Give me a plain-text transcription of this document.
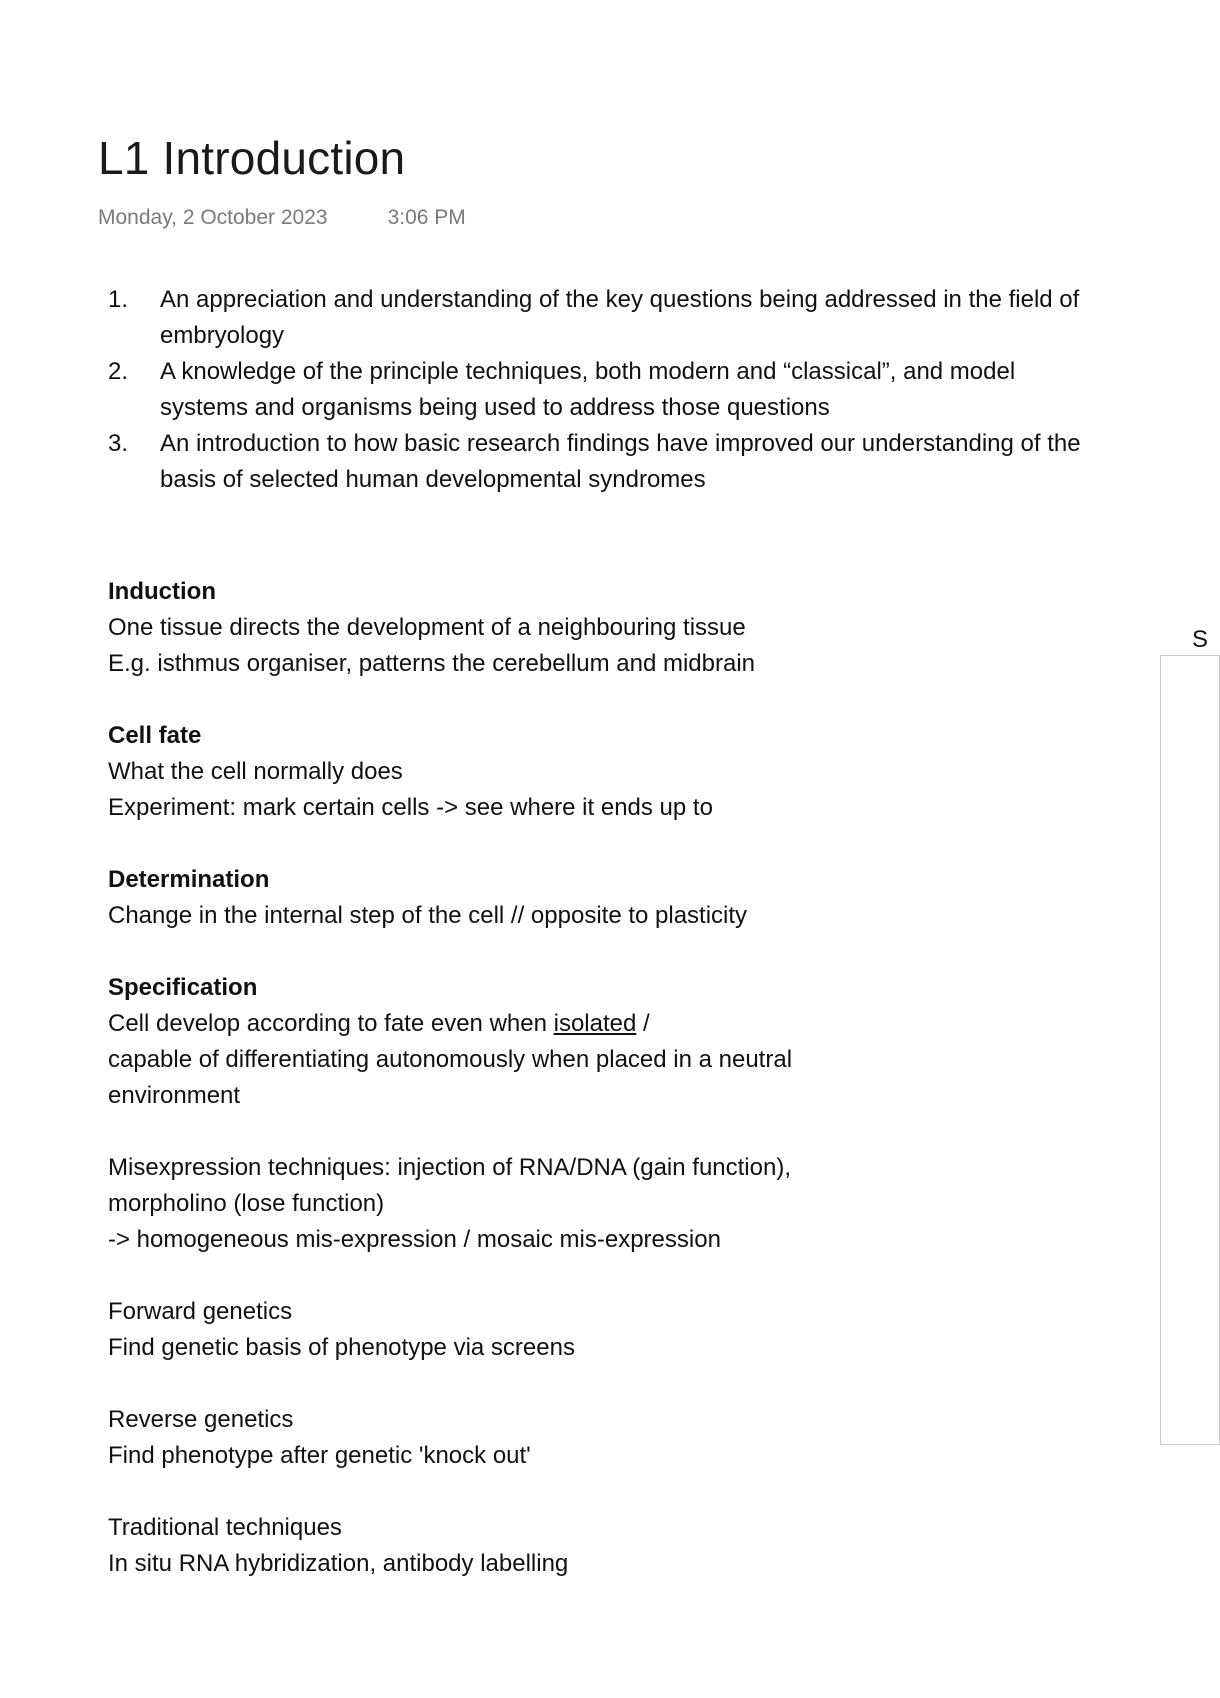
L1 Introduction
Monday, 2 October 2023	3:06 PM
1. An appreciation and understanding of the key questions being addressed in the field of embryology
2. A knowledge of the principle techniques, both modern and “classical”, and model systems and organisms being used to address those questions
3. An introduction to how basic research findings have improved our understanding of the basis of selected human developmental syndromes

Induction

One tissue directs the development of a neighbouring tissue

E.g. isthmus organiser, patterns the cerebellum and midbrain

Cell fate

What the cell normally does

Experiment: mark certain cells -> see where it ends up to

Determination

Change in the internal step of the cell // opposite to plasticity

Specification

Cell develop according to fate even when isolated /

capable of differentiating autonomously when placed in a neutral

environment

Misexpression techniques: injection of RNA/DNA (gain function),

morpholino (lose function)

-> homogeneous mis-expression / mosaic mis-expression

Forward genetics

Find genetic basis of phenotype via screens

Reverse genetics

Find phenotype after genetic 'knock out'

Traditional techniques

In situ RNA hybridization, antibody labelling

S
